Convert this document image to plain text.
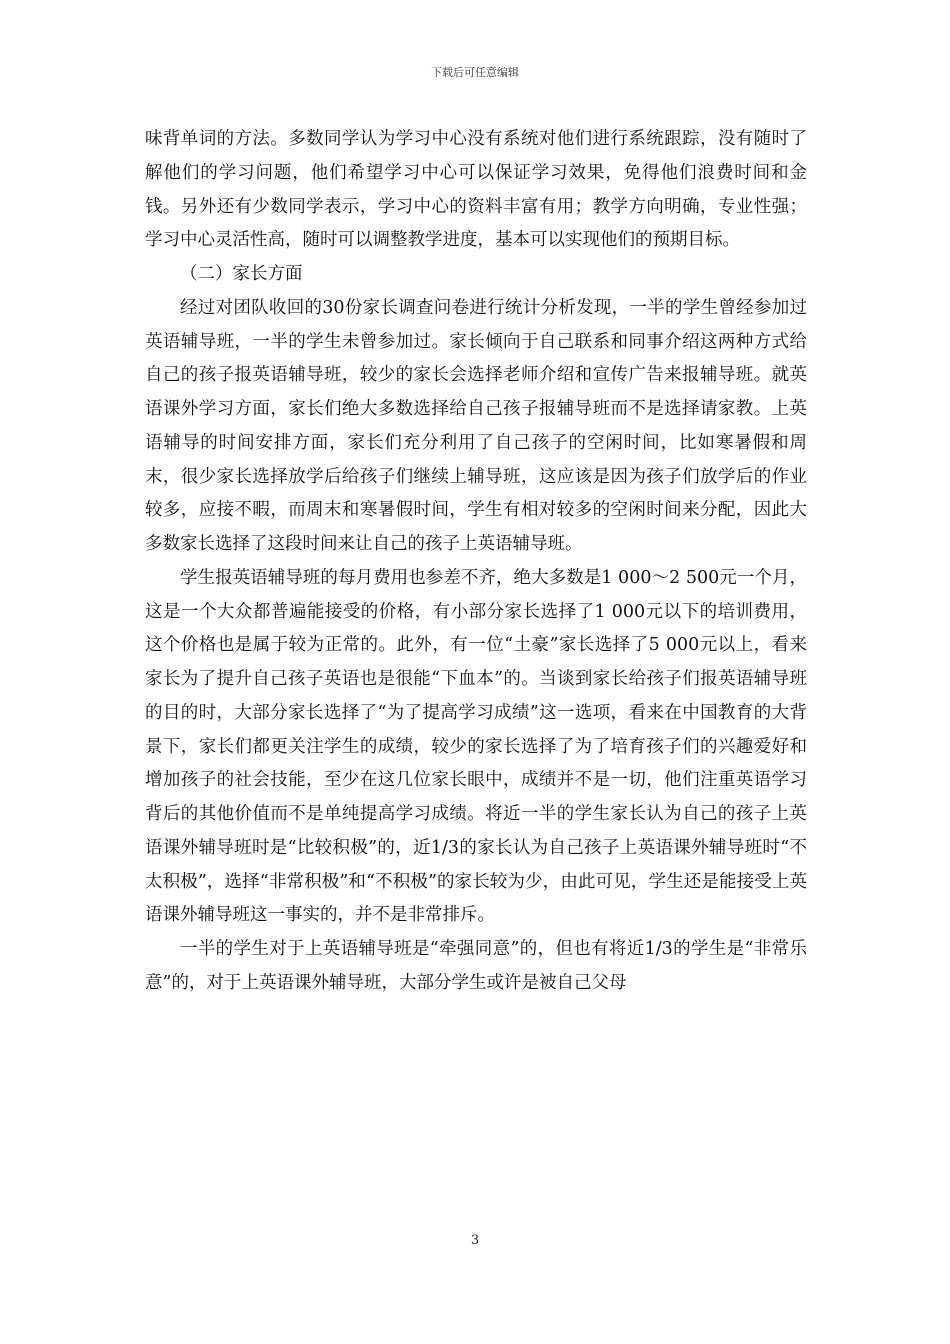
下载后可任意编辑

味背单词的方法。多数同学认为学习中心没有系统对他们进行系统跟踪，没有随时了解他们的学习问题，他们希望学习中心可以保证学习效果，免得他们浪费时间和金钱。另外还有少数同学表示，学习中心的资料丰富有用；教学方向明确，专业性强；学习中心灵活性高，随时可以调整教学进度，基本可以实现他们的预期目标。

（二）家长方面

经过对团队收回的30份家长调查问卷进行统计分析发现，一半的学生曾经参加过英语辅导班，一半的学生未曾参加过。家长倾向于自己联系和同事介绍这两种方式给自己的孩子报英语辅导班，较少的家长会选择老师介绍和宣传广告来报辅导班。就英语课外学习方面，家长们绝大多数选择给自己孩子报辅导班而不是选择请家教。上英语辅导的时间安排方面，家长们充分利用了自己孩子的空闲时间，比如寒暑假和周末，很少家长选择放学后给孩子们继续上辅导班，这应该是因为孩子们放学后的作业较多，应接不暇，而周末和寒暑假时间，学生有相对较多的空闲时间来分配，因此大多数家长选择了这段时间来让自己的孩子上英语辅导班。

学生报英语辅导班的每月费用也参差不齐，绝大多数是1 000～2 500元一个月，这是一个大众都普遍能接受的价格，有小部分家长选择了1 000元以下的培训费用，这个价格也是属于较为正常的。此外，有一位“土豪”家长选择了5 000元以上，看来家长为了提升自己孩子英语也是很能“下血本”的。当谈到家长给孩子们报英语辅导班的目的时，大部分家长选择了“为了提高学习成绩”这一选项，看来在中国教育的大背景下，家长们都更关注学生的成绩，较少的家长选择了为了培育孩子们的兴趣爱好和增加孩子的社会技能，至少在这几位家长眼中，成绩并不是一切，他们注重英语学习背后的其他价值而不是单纯提高学习成绩。将近一半的学生家长认为自己的孩子上英语课外辅导班时是“比较积极”的，近1/3的家长认为自己孩子上英语课外辅导班时“不太积极”，选择“非常积极”和“不积极”的家长较为少，由此可见，学生还是能接受上英语课外辅导班这一事实的，并不是非常排斥。

一半的学生对于上英语辅导班是“牵强同意”的，但也有将近1/3的学生是“非常乐意”的，对于上英语课外辅导班，大部分学生或许是被自己父母

3
